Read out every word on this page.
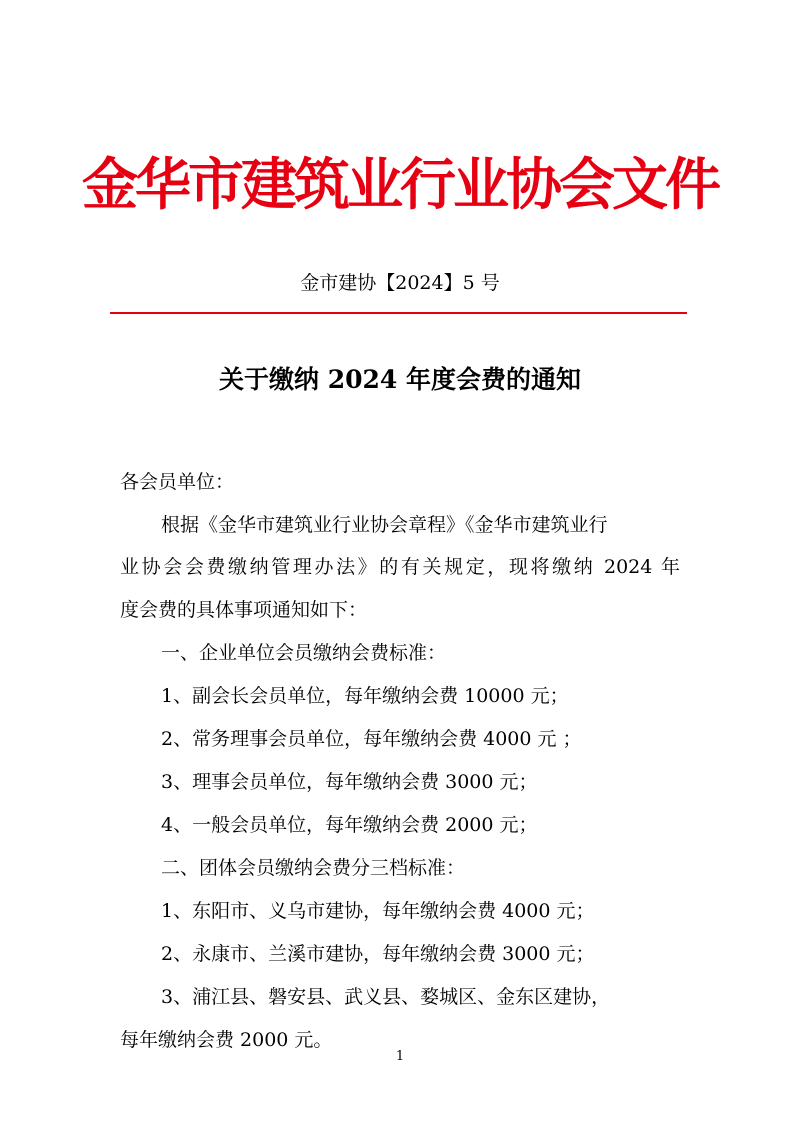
金华市建筑业行业协会文件
金市建协【2024】5 号
关于缴纳 2024 年度会费的通知
各会员单位：
根据《金华市建筑业行业协会章程》《金华市建筑业行
业协会会费缴纳管理办法》的有关规定，现将缴纳 2024 年
度会费的具体事项通知如下：
一、企业单位会员缴纳会费标准：
1、副会长会员单位，每年缴纳会费 10000 元；
2、常务理事会员单位，每年缴纳会费 4000 元 ；
3、理事会员单位，每年缴纳会费 3000 元；
4、一般会员单位，每年缴纳会费 2000 元；
二、团体会员缴纳会费分三档标准：
1、东阳市、义乌市建协，每年缴纳会费 4000 元；
2、永康市、兰溪市建协，每年缴纳会费 3000 元；
3、浦江县、磐安县、武义县、婺城区、金东区建协，
每年缴纳会费 2000 元。
1
